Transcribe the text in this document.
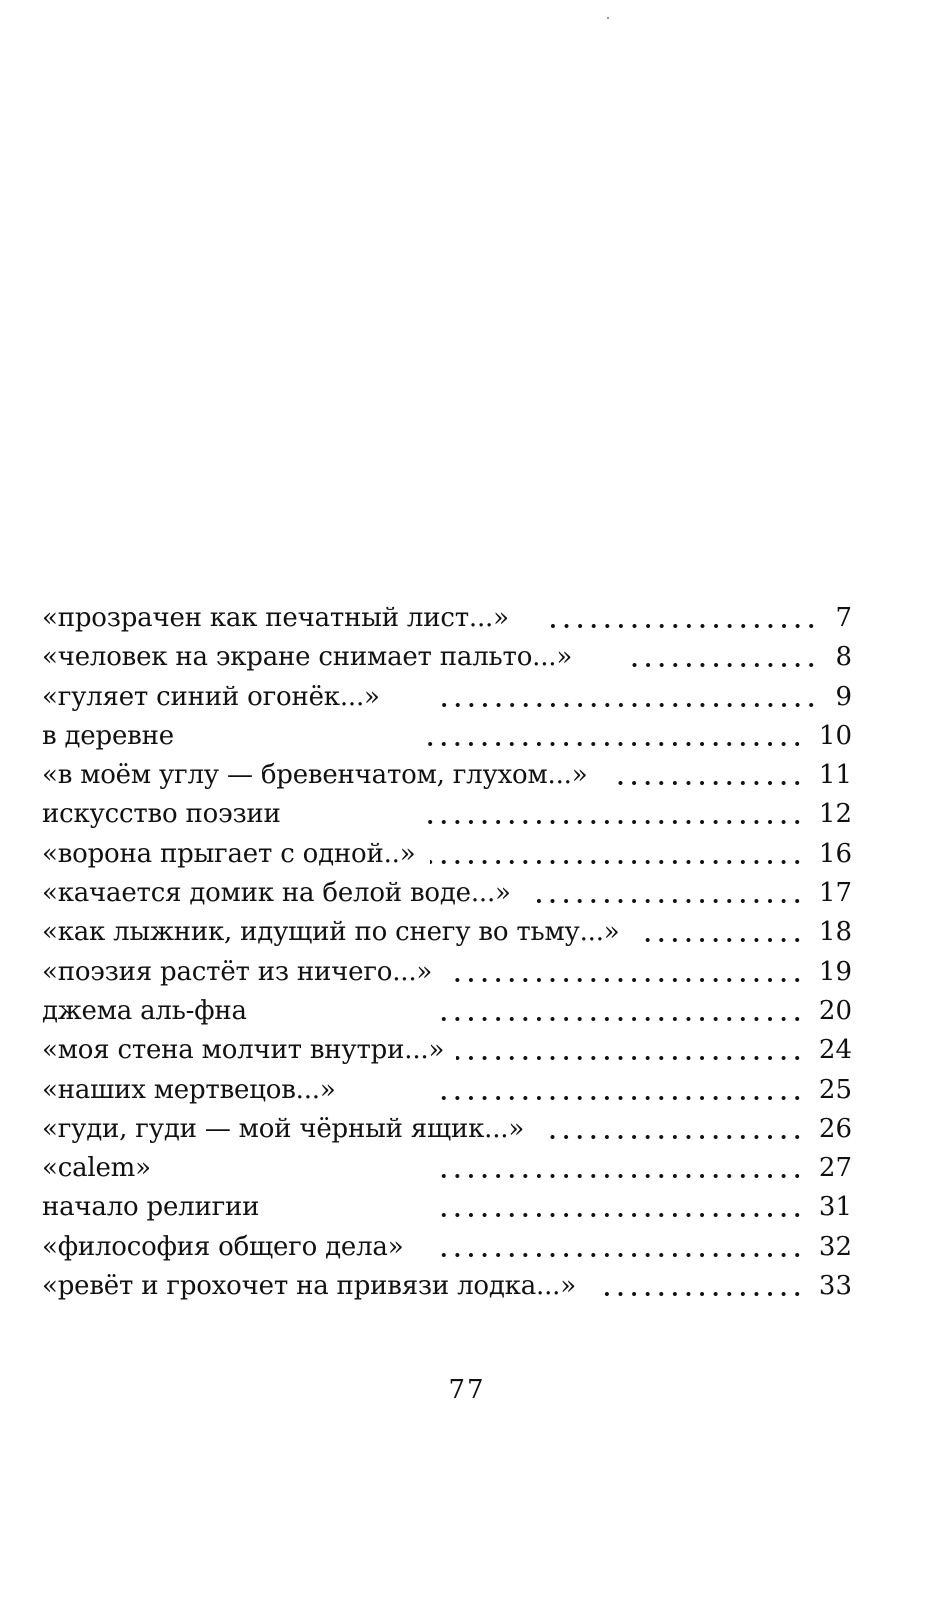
«прозрачен как печатный лист...»	7
«человек на экране снимает пальто...»	8
«гуляет синий огонёк...»	9
в деревне	10
«в моём углу — бревенчатом, глухом...»	11
искусство поэзии	12
«ворона прыгает с одной..»	16
«качается домик на белой воде...»	17
«как лыжник, идущий по снегу во тьму...»	18
«поэзия растёт из ничего...»	19
джема аль-фна	20
«моя стена молчит внутри...»	24
«наших мертвецов...»	25
«гуди, гуди — мой чёрный ящик...»	26
«calem»	27
начало религии	31
«философия общего дела»	32
«ревёт и грохочет на привязи лодка...»	33
77
